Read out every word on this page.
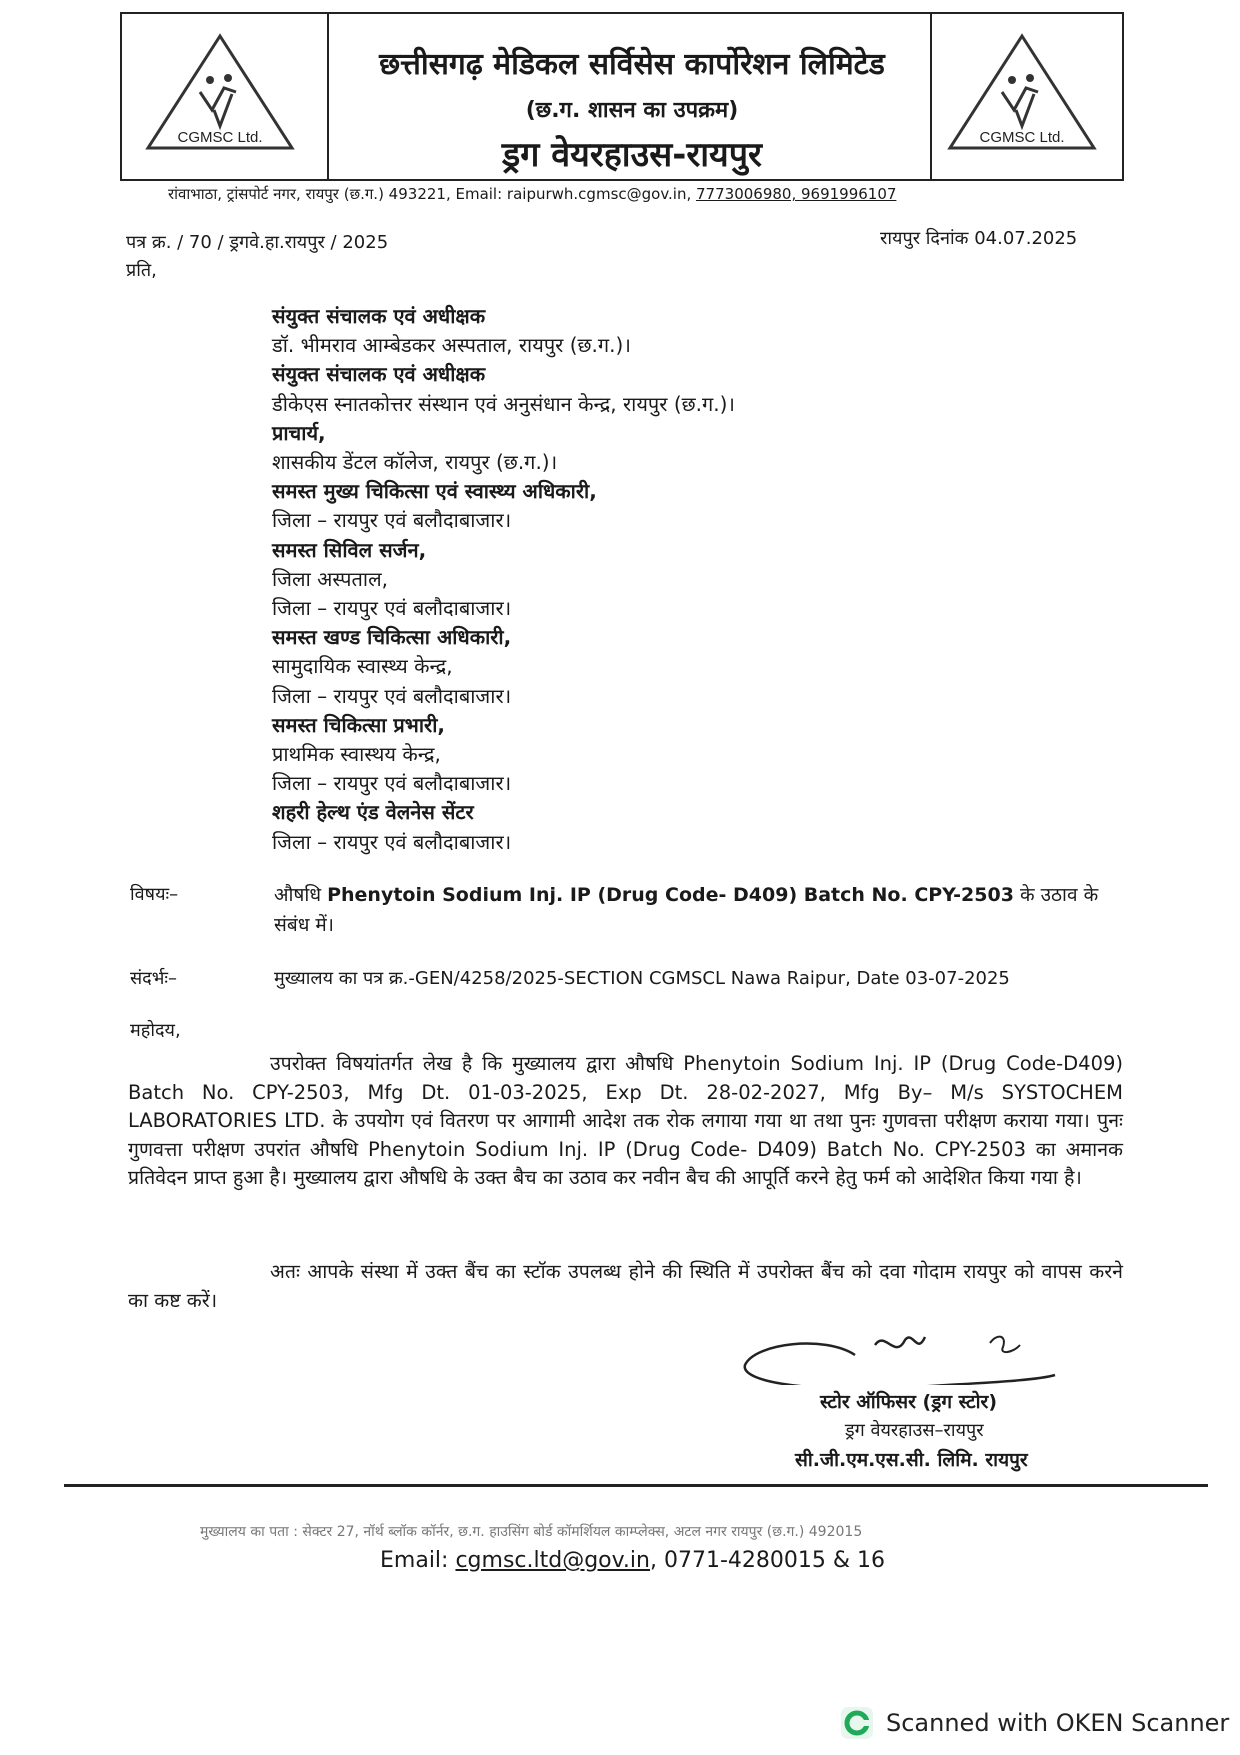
CGMSC Ltd.
छत्तीसगढ़ मेडिकल सर्विसेस कार्पोरेशन लिमिटेड
(छ.ग. शासन का उपक्रम)
ड्रग वेयरहाउस-रायपुर	CGMSC Ltd.
रांवाभाठा, ट्रांसपोर्ट नगर, रायपुर (छ.ग.) 493221, Email: raipurwh.cgmsc@gov.in, 7773006980, 9691996107
पत्र क्र. / 70 / ड्रगवे.हा.रायपुर / 2025	रायपुर दिनांक 04.07.2025
प्रति,
संयुक्त संचालक एवं अधीक्षक
डॉ. भीमराव आम्बेडकर अस्पताल, रायपुर (छ.ग.)।
संयुक्त संचालक एवं अधीक्षक
डीकेएस स्नातकोत्तर संस्थान एवं अनुसंधान केन्द्र, रायपुर (छ.ग.)।
प्राचार्य,
शासकीय डेंटल कॉलेज, रायपुर (छ.ग.)।
समस्त मुख्य चिकित्सा एवं स्वास्थ्य अधिकारी,
जिला – रायपुर एवं बलौदाबाजार।
समस्त सिविल सर्जन,
जिला अस्पताल,
जिला – रायपुर एवं बलौदाबाजार।
समस्त खण्ड चिकित्सा अधिकारी,
सामुदायिक स्वास्थ्य केन्द्र,
जिला – रायपुर एवं बलौदाबाजार।
समस्त चिकित्सा प्रभारी,
प्राथमिक स्वास्थय केन्द्र,
जिला – रायपुर एवं बलौदाबाजार।
शहरी हेल्थ एंड वेलनेस सेंटर
जिला – रायपुर एवं बलौदाबाजार।
विषयः–	औषधि Phenytoin Sodium Inj. IP (Drug Code- D409) Batch No. CPY-2503 के उठाव के संबंध में।
संदर्भः–	मुख्यालय का पत्र क्र.-GEN/4258/2025-SECTION CGMSCL Nawa Raipur, Date 03-07-2025
महोदय,
उपरोक्त विषयांतर्गत लेख है कि मुख्यालय द्वारा औषधि Phenytoin Sodium Inj. IP (Drug Code-D409) Batch No. CPY-2503, Mfg Dt. 01-03-2025, Exp Dt. 28-02-2027, Mfg By– M/s SYSTOCHEM LABORATORIES LTD. के उपयोग एवं वितरण पर आगामी आदेश तक रोक लगाया गया था तथा पुनः गुणवत्ता परीक्षण कराया गया। पुनः गुणवत्ता परीक्षण उपरांत औषधि Phenytoin Sodium Inj. IP (Drug Code- D409) Batch No. CPY-2503 का अमानक प्रतिवेदन प्राप्त हुआ है। मुख्यालय द्वारा औषधि के उक्त बैच का उठाव कर नवीन बैच की आपूर्ति करने हेतु फर्म को आदेशित किया गया है।
अतः आपके संस्था में उक्त बैंच का स्टॉक उपलब्ध होने की स्थिति में उपरोक्त बैंच को दवा गोदाम रायपुर को वापस करने का कष्ट करें।
स्टोर ऑफिसर (ड्रग स्टोर)
ड्रग वेयरहाउस–रायपुर
सी.जी.एम.एस.सी. लिमि. रायपुर
मुख्यालय का पता : सेक्टर 27, नॉर्थ ब्लॉक कॉर्नर, छ.ग. हाउसिंग बोर्ड कॉमर्शियल काम्प्लेक्स, अटल नगर रायपुर (छ.ग.) 492015
Email: cgmsc.ltd@gov.in, 0771-4280015 & 16
Scanned with OKEN Scanner
